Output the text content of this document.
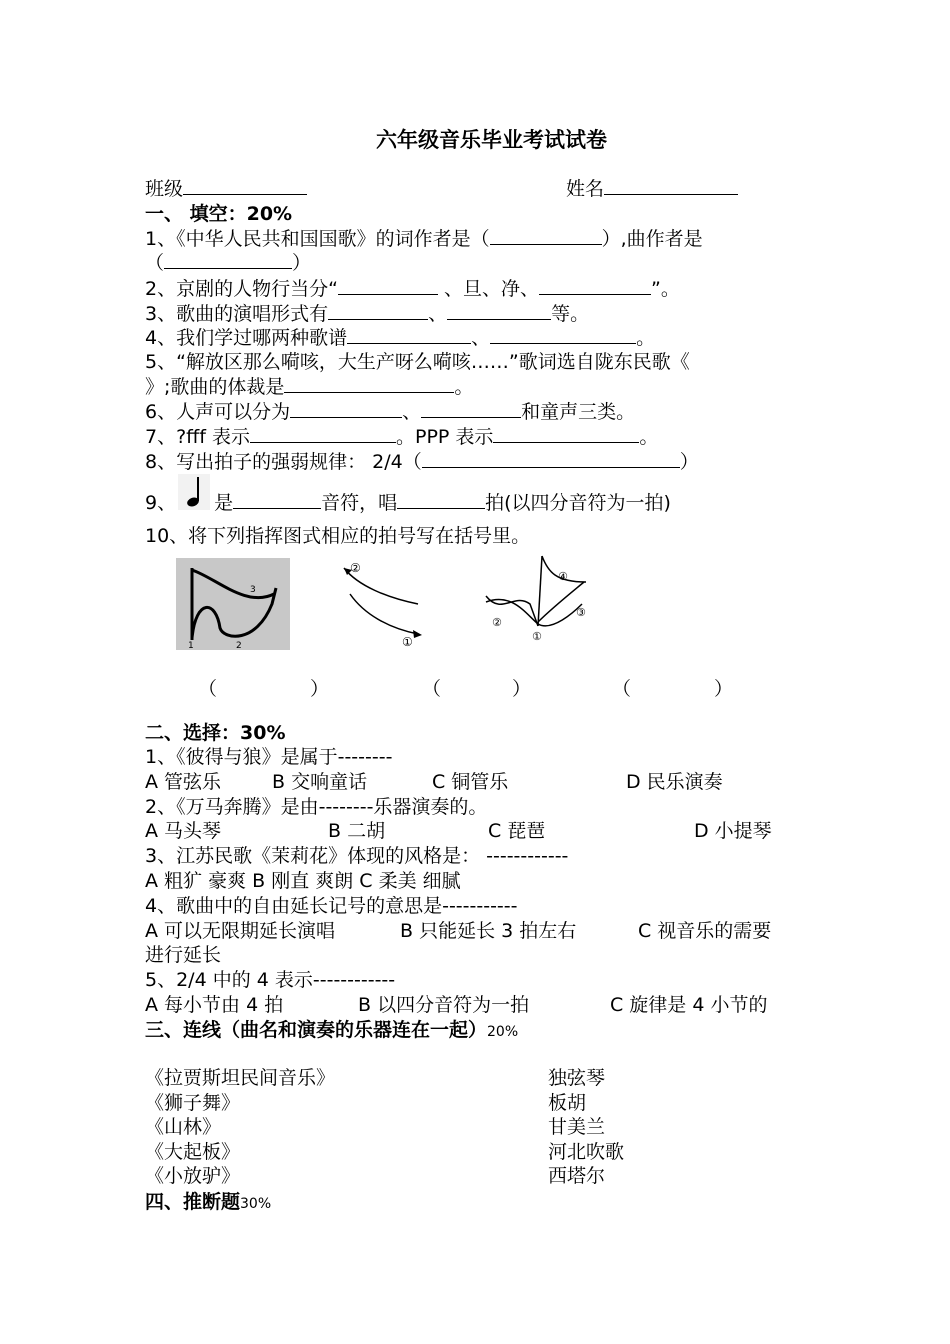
六年级音乐毕业考试试卷
班级	姓名
一、 填空：20%
1、《中华人民共和国国歌》的词作者是（	）,曲作者是
（	）
2、京剧的人物行当分“	、旦、净、	”。
3、歌曲的演唱形式有	、	等。
4、我们学过哪两种歌谱	、	。
5、“解放区那么嗬咳，大生产呀么嗬咳……”歌词选自陇东民歌《
》;歌曲的体裁是	。
6、人声可以分为	、	和童声三类。
7、?fff 表示	。PPP 表示	。
8、写出拍子的强弱规律： 2/4（	）
9、 是	音符，唱	拍(以四分音符为一拍)
10、将下列指挥图式相应的拍号写在括号里。
1	2
3
②
①
④
③
②
①
（	）	（	）	（	）
二、选择：30%
1、《彼得与狼》是属于--------
A 管弦乐	B 交响童话	C 铜管乐	D 民乐演奏
2、《万马奔腾》是由--------乐器演奏的。
A 马头琴	B 二胡	C 琵琶	D 小提琴
3、江苏民歌《茉莉花》体现的风格是： ------------
A 粗犷 豪爽 B 刚直 爽朗 C 柔美 细腻
4、歌曲中的自由延长记号的意思是-----------
A 可以无限期延长演唱	B 只能延长 3 拍左右	C 视音乐的需要
进行延长
5、2/4 中的 4 表示------------
A 每小节由 4 拍	B 以四分音符为一拍	C 旋律是 4 小节的
三、连线（曲名和演奏的乐器连在一起）20%
《拉贾斯坦民间音乐》
《狮子舞》
《山林》
《大起板》
《小放驴》
独弦琴
板胡
甘美兰
河北吹歌
西塔尔
四、推断题30%
